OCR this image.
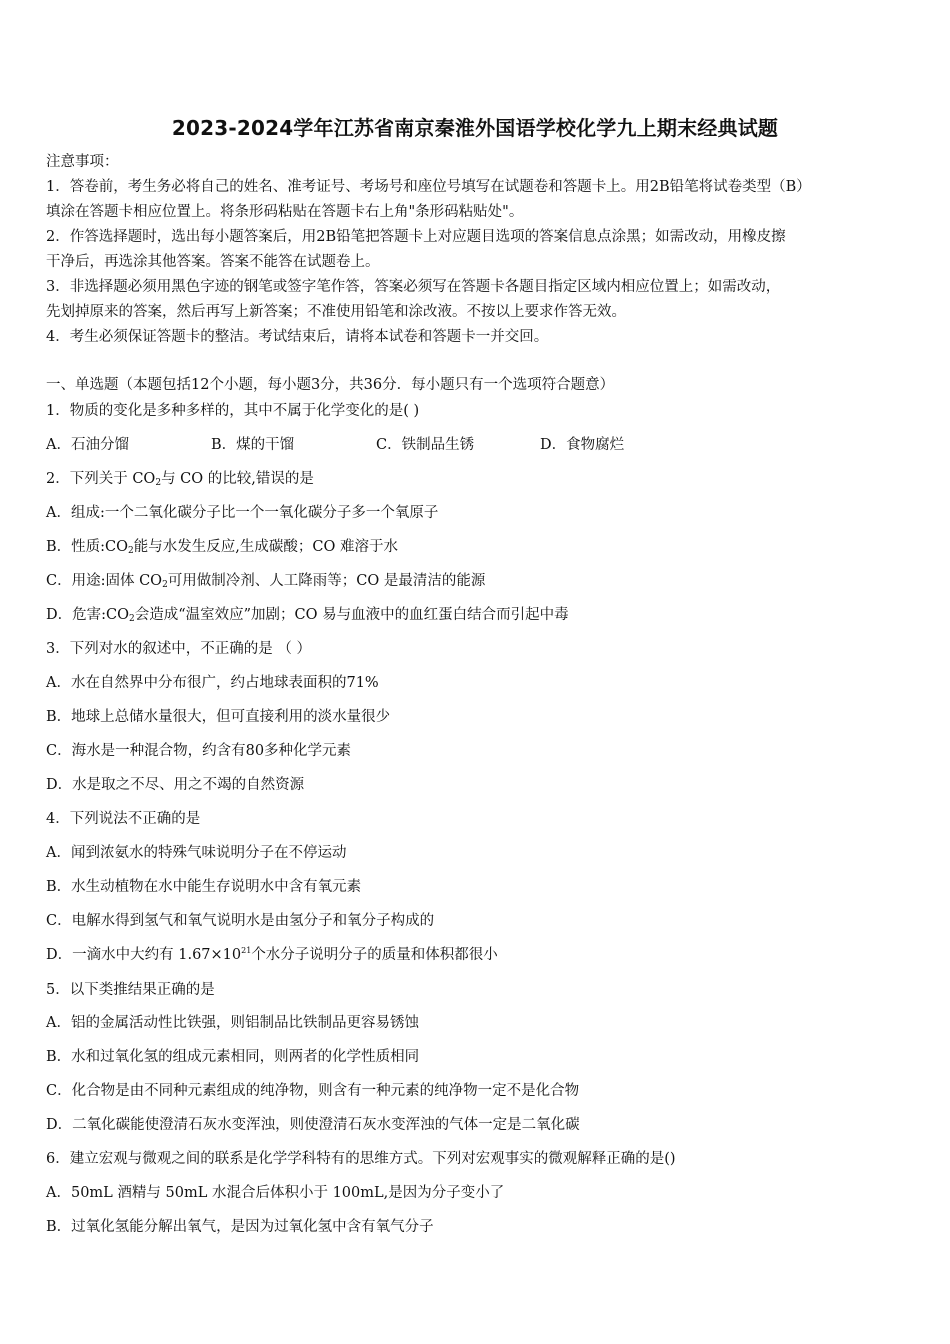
2023-2024学年江苏省南京秦淮外国语学校化学九上期末经典试题
注意事项：
1．答卷前，考生务必将自己的姓名、准考证号、考场号和座位号填写在试题卷和答题卡上。用2B铅笔将试卷类型（B）
填涂在答题卡相应位置上。将条形码粘贴在答题卡右上角"条形码粘贴处"。
2．作答选择题时，选出每小题答案后，用2B铅笔把答题卡上对应题目选项的答案信息点涂黑；如需改动，用橡皮擦
干净后，再选涂其他答案。答案不能答在试题卷上。
3．非选择题必须用黑色字迹的钢笔或签字笔作答，答案必须写在答题卡各题目指定区域内相应位置上；如需改动，
先划掉原来的答案，然后再写上新答案；不准使用铅笔和涂改液。不按以上要求作答无效。
4．考生必须保证答题卡的整洁。考试结束后，请将本试卷和答题卡一并交回。
一、单选题（本题包括12个小题，每小题3分，共36分．每小题只有一个选项符合题意）
1．物质的变化是多种多样的，其中不属于化学变化的是( )
A．石油分馏	B．煤的干馏	C．铁制品生锈	D．食物腐烂
2．下列关于 $CO_2$与 CO 的比较,错误的是
A．组成:一个二氧化碳分子比一个一氧化碳分子多一个氧原子
B．性质$:CO_2$能与水发生反应,生成碳酸；CO 难溶于水
C．用途:固体 $CO_2$可用做制冷剂、人工降雨等；CO 是最清洁的能源
D．危害$:CO_2$会造成“温室效应”加剧；CO 易与血液中的血红蛋白结合而引起中毒
3．下列对水的叙述中，不正确的是 （ ）
A．水在自然界中分布很广，约占地球表面积的71%
B．地球上总储水量很大，但可直接利用的淡水量很少
C．海水是一种混合物，约含有80多种化学元素
D．水是取之不尽、用之不竭的自然资源
4．下列说法不正确的是
A．闻到浓氨水的特殊气味说明分子在不停运动
B．水生动植物在水中能生存说明水中含有氧元素
C．电解水得到氢气和氧气说明水是由氢分子和氧分子构成的
D．一滴水中大约有 $1.67\times 10^{21}$个水分子说明分子的质量和体积都很小
5．以下类推结果正确的是
A．铝的金属活动性比铁强，则铝制品比铁制品更容易锈蚀
B．水和过氧化氢的组成元素相同，则两者的化学性质相同
C．化合物是由不同种元素组成的纯净物，则含有一种元素的纯净物一定不是化合物
D．二氧化碳能使澄清石灰水变浑浊，则使澄清石灰水变浑浊的气体一定是二氧化碳
6．建立宏观与微观之间的联系是化学学科特有的思维方式。下列对宏观事实的微观解释正确的是()
A．50mL 酒精与 50mL 水混合后体积小于 100mL,是因为分子变小了
B．过氧化氢能分解出氧气，是因为过氧化氢中含有氧气分子
